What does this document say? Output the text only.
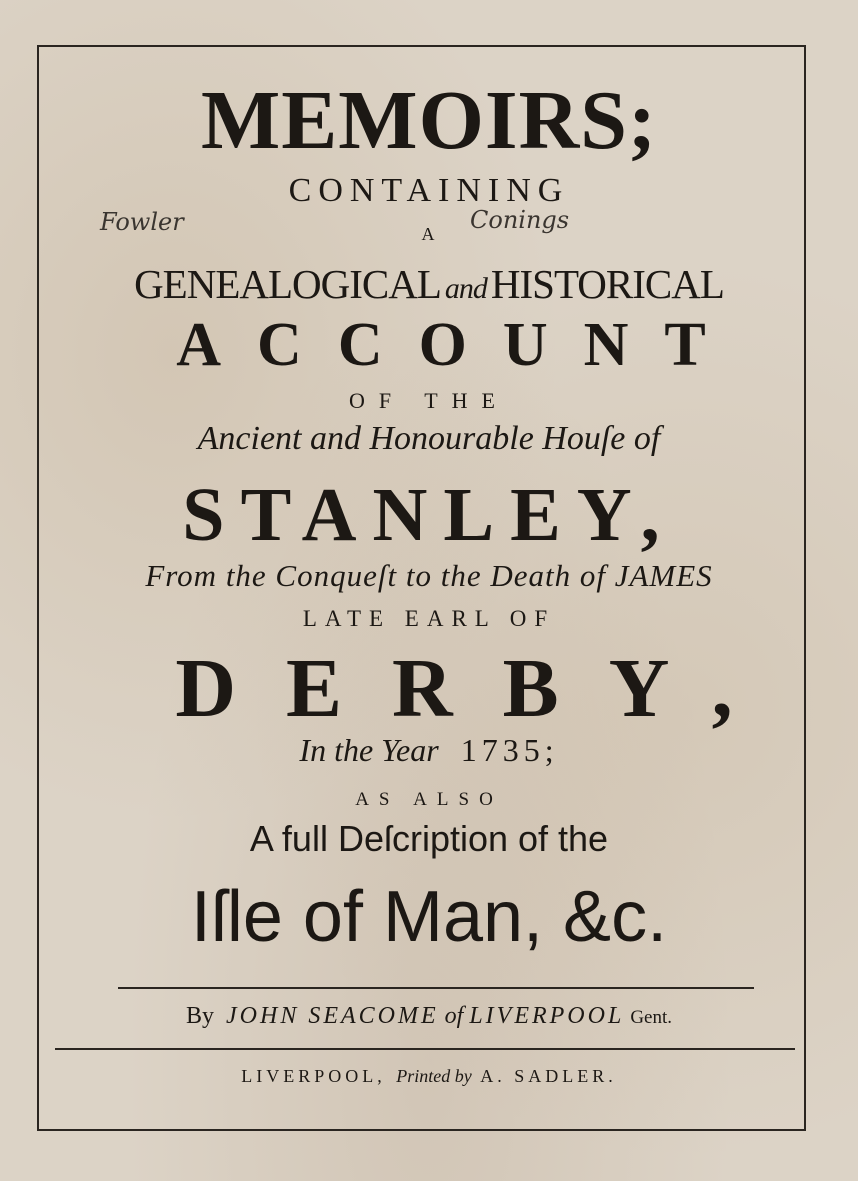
MEMOIRS;
CONTAINING
Fowler	A	Conings
GENEALOGICAL andHISTORICAL
ACCOUNT
OF THE
Ancient and Honourable Houſe of
STANLEY,
From the Conqueſt to the Death of JAMES
LATE EARL OF
DERBY,
In the Year 1735;
AS ALSO
A full Deſcription of the
Iſle of Man, &c.
By JOHN SEACOME of LIVERPOOL Gent.
LIVERPOOL, Printed by A. SADLER.
